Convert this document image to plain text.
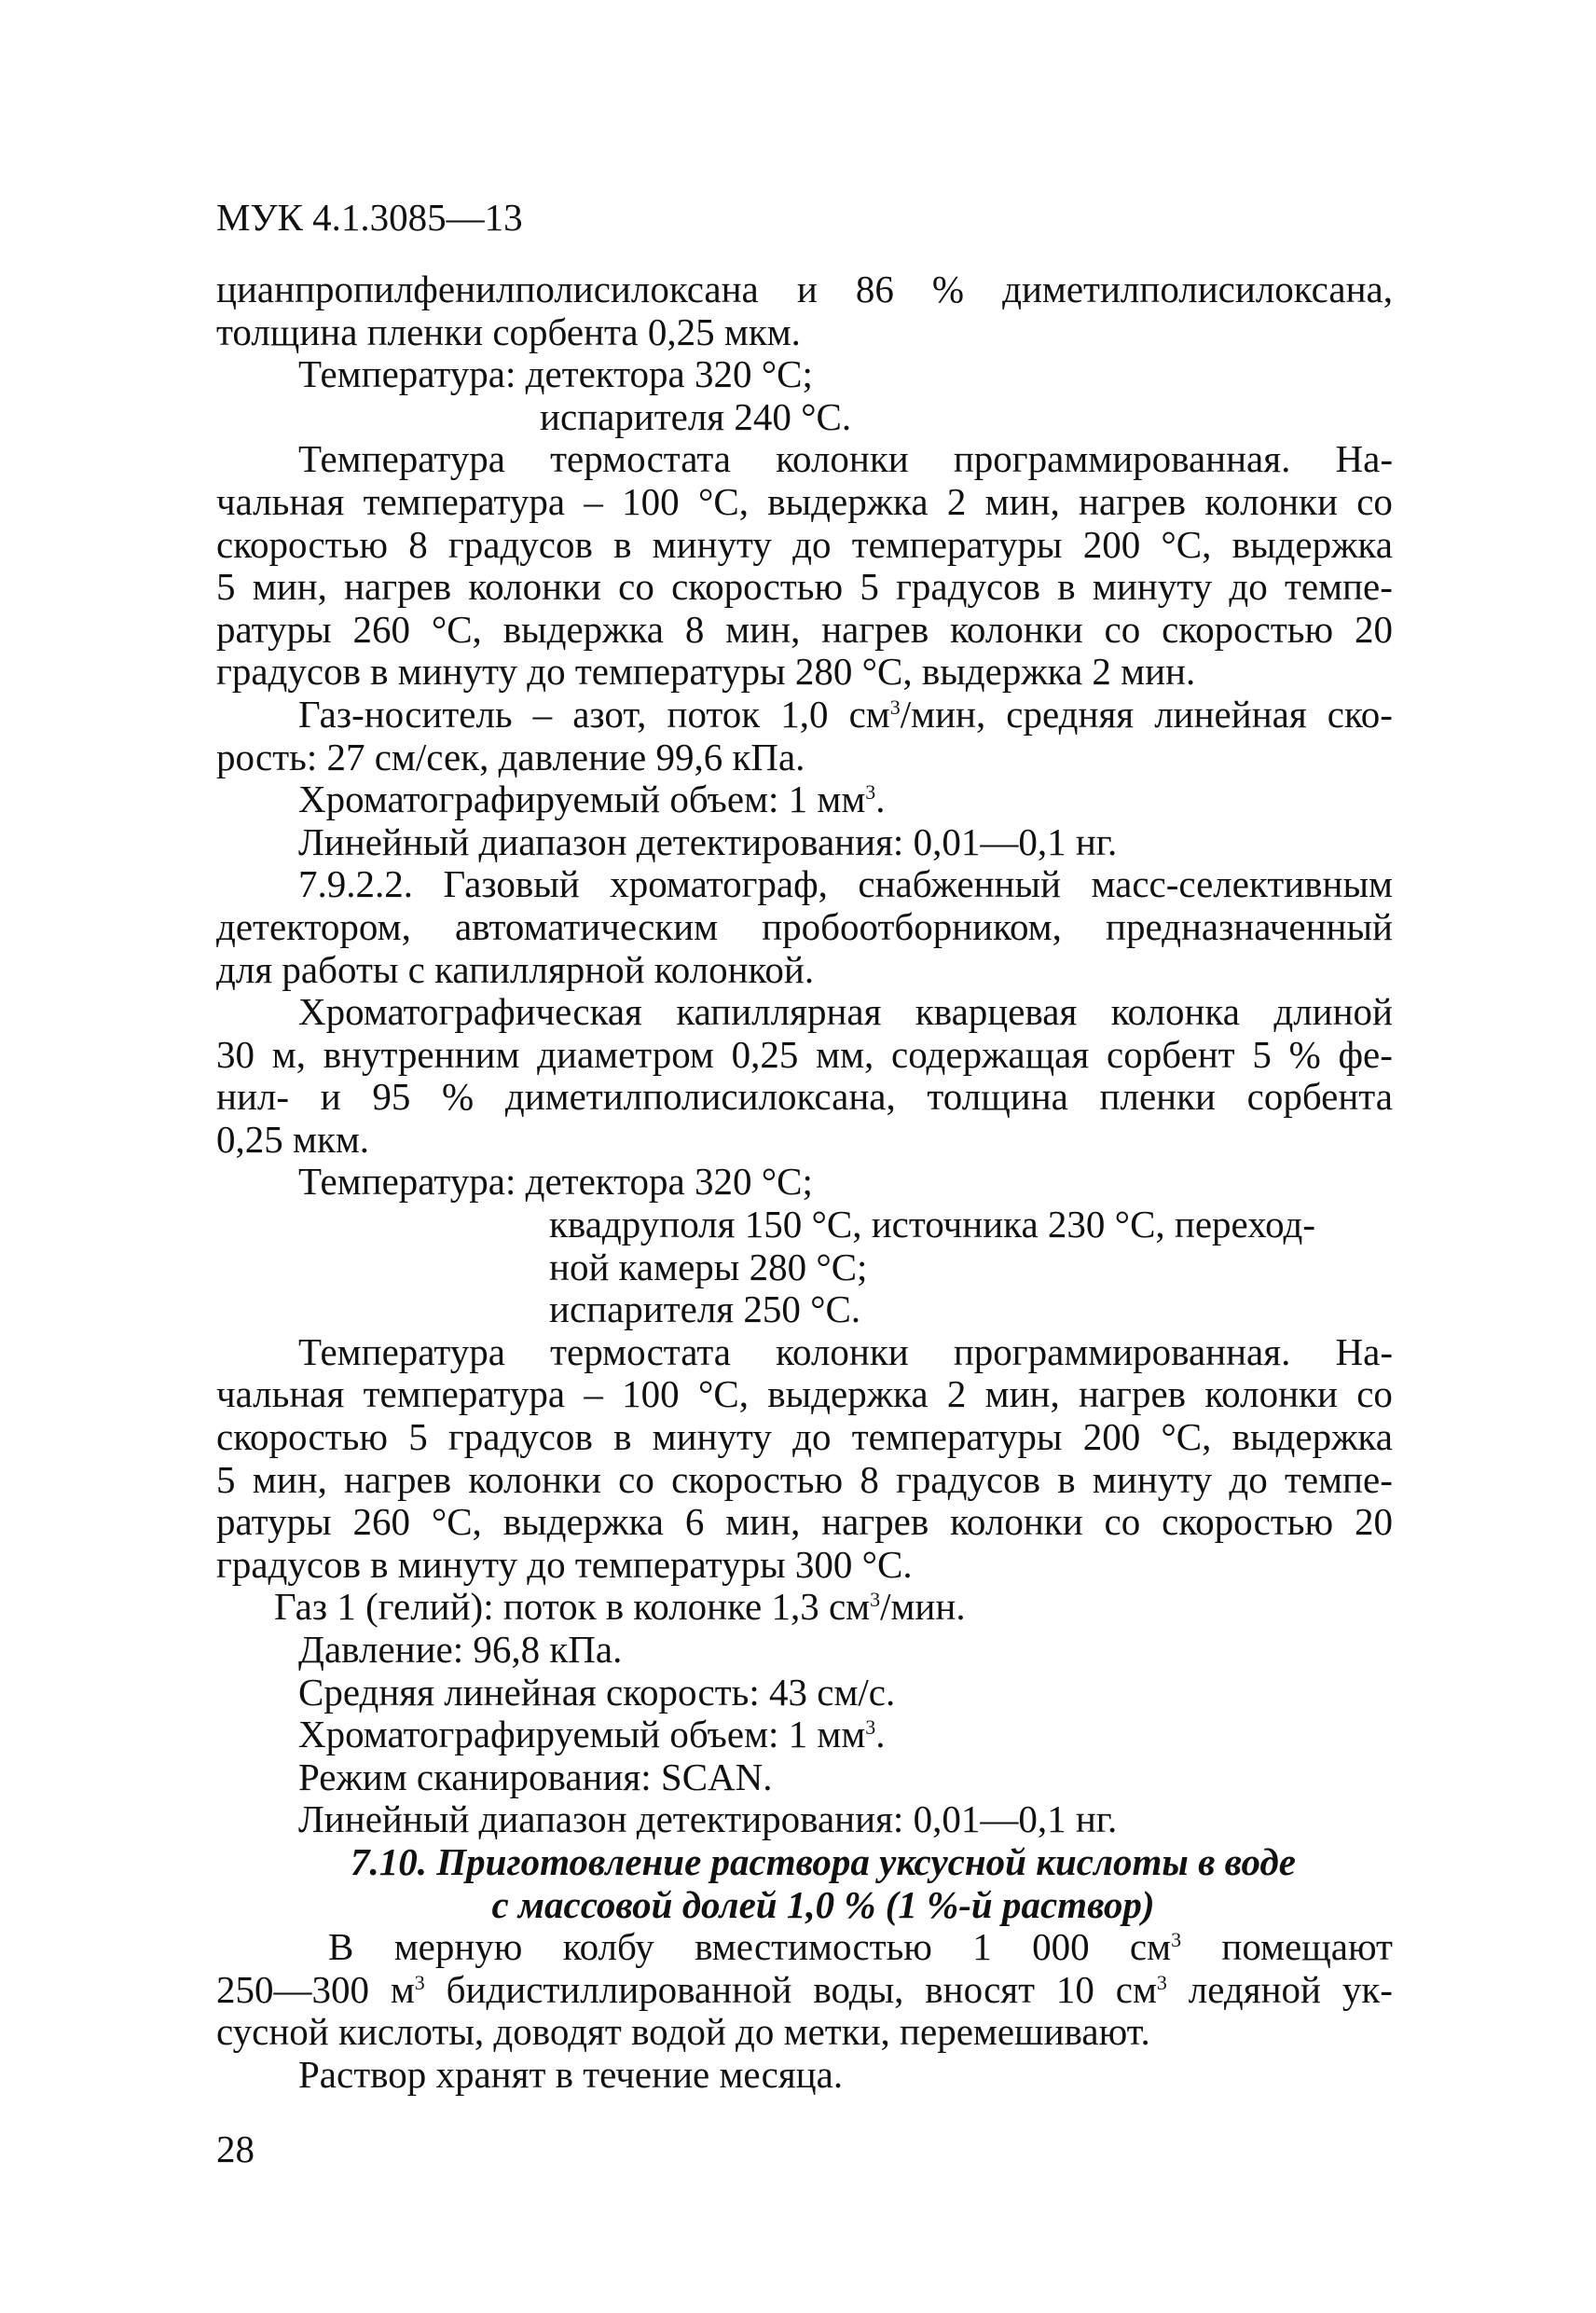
МУК 4.1.3085—13
цианпропилфенилполисилоксана и 86 % диметилполисилоксана,
толщина пленки сорбента 0,25 мкм.
Температура: детектора 320 °С;
испарителя 240 °С.
Температура термостата колонки программированная. На-
чальная температура – 100 °С, выдержка 2 мин, нагрев колонки со
скоростью 8 градусов в минуту до температуры 200 °С, выдержка
5 мин, нагрев колонки со скоростью 5 градусов в минуту до темпе-
ратуры 260 °С, выдержка 8 мин, нагрев колонки со скоростью 20
градусов в минуту до температуры 280 °С, выдержка 2 мин.
Газ-носитель – азот, поток 1,0 $см^3$/мин, средняя линейная ско-
рость: 27 см/сек, давление 99,6 кПа.
Хроматографируемый объем: 1 $мм^3$.
Линейный диапазон детектирования: 0,01—0,1 нг.
7.9.2.2. Газовый хроматограф, снабженный масс-селективным
детектором, автоматическим пробоотборником, предназначенный
для работы с капиллярной колонкой.
Хроматографическая капиллярная кварцевая колонка длиной
30 м, внутренним диаметром 0,25 мм, содержащая сорбент 5 % фе-
нил- и 95 % диметилполисилоксана, толщина пленки сорбента
0,25 мкм.
Температура: детектора 320 °С;
квадруполя 150 °С, источника 230 °С, переход-
ной камеры 280 °С;
испарителя 250 °С.
Температура термостата колонки программированная. На-
чальная температура – 100 °С, выдержка 2 мин, нагрев колонки со
скоростью 5 градусов в минуту до температуры 200 °С, выдержка
5 мин, нагрев колонки со скоростью 8 градусов в минуту до темпе-
ратуры 260 °С, выдержка 6 мин, нагрев колонки со скоростью 20
градусов в минуту до температуры 300 °С.
Газ 1 (гелий): поток в колонке 1,3 $см^3$/мин.
Давление: 96,8 кПа.
Средняя линейная скорость: 43 см/с.
Хроматографируемый объем: 1 $мм^3$.
Режим сканирования: SCAN.
Линейный диапазон детектирования: 0,01—0,1 нг.
7.10. Приготовление раствора уксусной кислоты в воде
с массовой долей 1,0 % (1 %-й раствор)
В мерную колбу вместимостью 1 000 $см^3$ помещают
250—300 $м^3$ бидистиллированной воды, вносят 10 $см^3$ ледяной ук-
сусной кислоты, доводят водой до метки, перемешивают.
Раствор хранят в течение месяца.
28
